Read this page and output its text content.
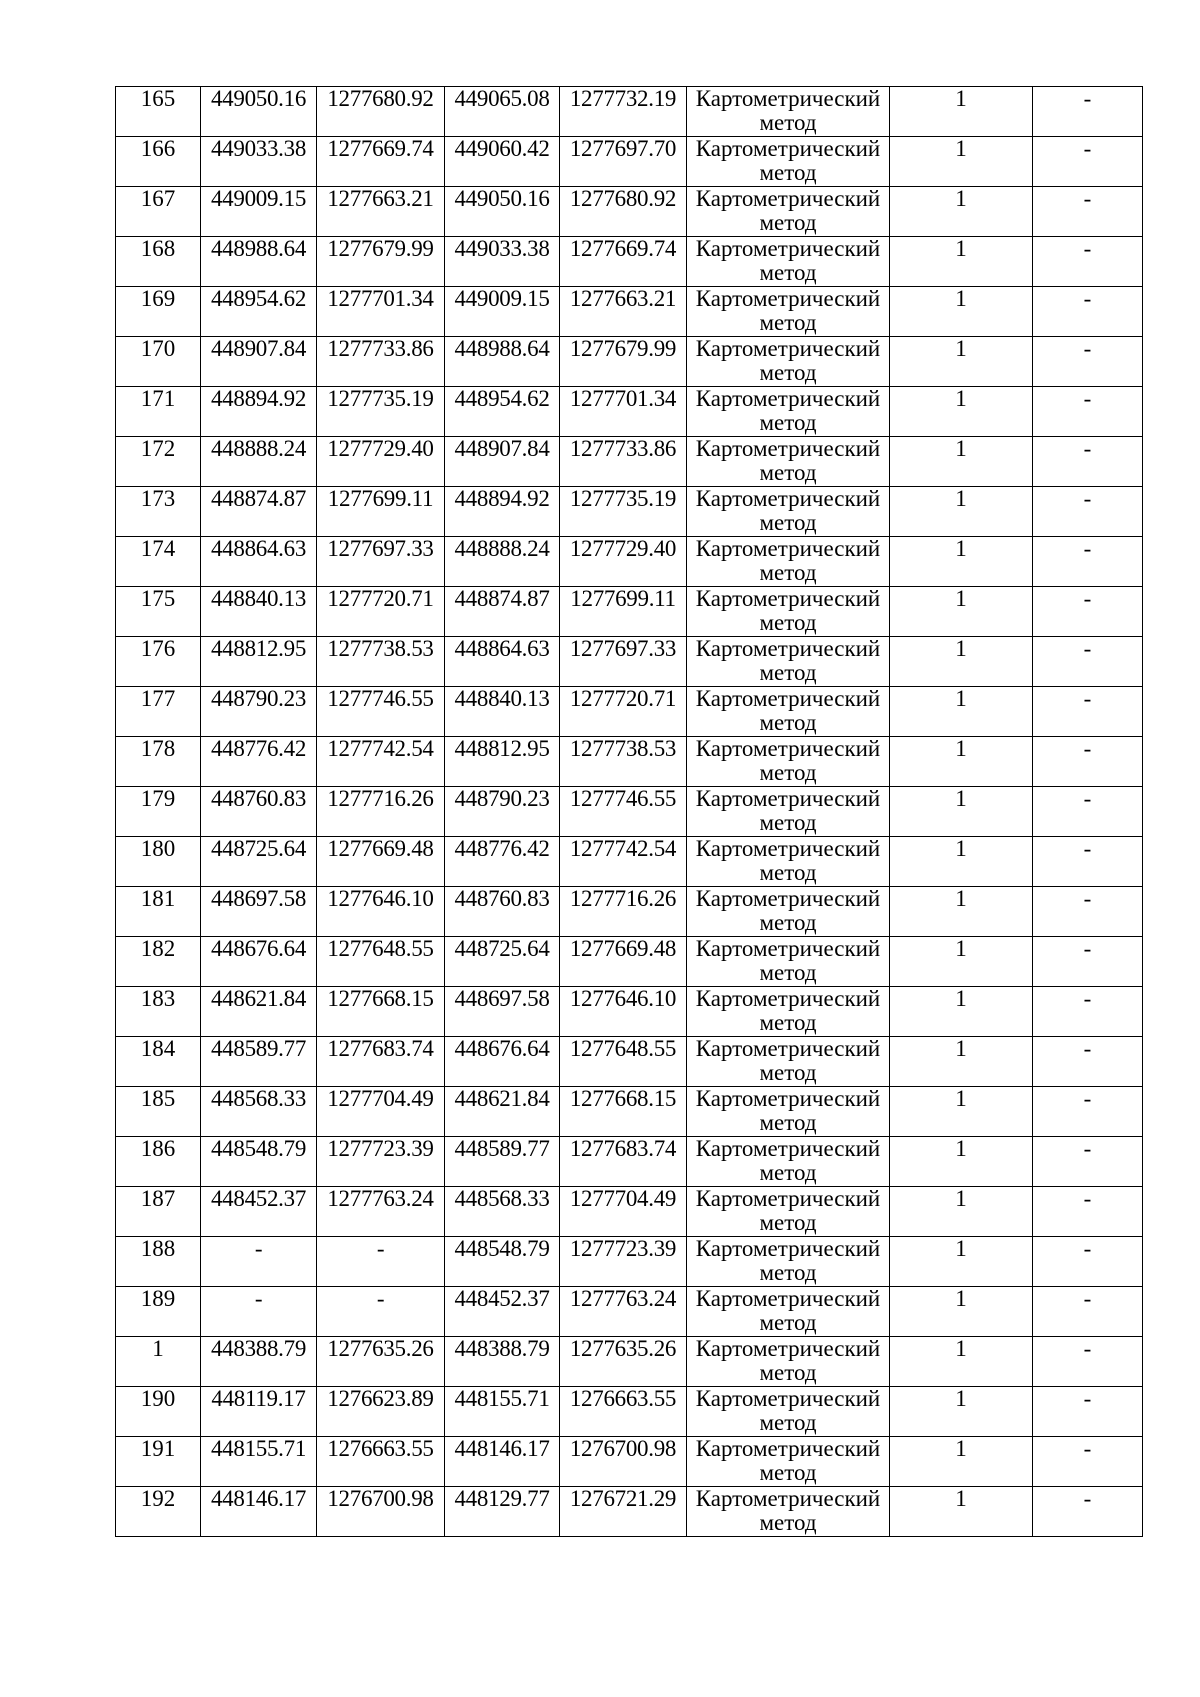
165	449050.16	1277680.92	449065.08	1277732.19	Картометрический
метод	1	-
166	449033.38	1277669.74	449060.42	1277697.70	Картометрический
метод	1	-
167	449009.15	1277663.21	449050.16	1277680.92	Картометрический
метод	1	-
168	448988.64	1277679.99	449033.38	1277669.74	Картометрический
метод	1	-
169	448954.62	1277701.34	449009.15	1277663.21	Картометрический
метод	1	-
170	448907.84	1277733.86	448988.64	1277679.99	Картометрический
метод	1	-
171	448894.92	1277735.19	448954.62	1277701.34	Картометрический
метод	1	-
172	448888.24	1277729.40	448907.84	1277733.86	Картометрический
метод	1	-
173	448874.87	1277699.11	448894.92	1277735.19	Картометрический
метод	1	-
174	448864.63	1277697.33	448888.24	1277729.40	Картометрический
метод	1	-
175	448840.13	1277720.71	448874.87	1277699.11	Картометрический
метод	1	-
176	448812.95	1277738.53	448864.63	1277697.33	Картометрический
метод	1	-
177	448790.23	1277746.55	448840.13	1277720.71	Картометрический
метод	1	-
178	448776.42	1277742.54	448812.95	1277738.53	Картометрический
метод	1	-
179	448760.83	1277716.26	448790.23	1277746.55	Картометрический
метод	1	-
180	448725.64	1277669.48	448776.42	1277742.54	Картометрический
метод	1	-
181	448697.58	1277646.10	448760.83	1277716.26	Картометрический
метод	1	-
182	448676.64	1277648.55	448725.64	1277669.48	Картометрический
метод	1	-
183	448621.84	1277668.15	448697.58	1277646.10	Картометрический
метод	1	-
184	448589.77	1277683.74	448676.64	1277648.55	Картометрический
метод	1	-
185	448568.33	1277704.49	448621.84	1277668.15	Картометрический
метод	1	-
186	448548.79	1277723.39	448589.77	1277683.74	Картометрический
метод	1	-
187	448452.37	1277763.24	448568.33	1277704.49	Картометрический
метод	1	-
188	-	-	448548.79	1277723.39	Картометрический
метод	1	-
189	-	-	448452.37	1277763.24	Картометрический
метод	1	-
1	448388.79	1277635.26	448388.79	1277635.26	Картометрический
метод	1	-
190	448119.17	1276623.89	448155.71	1276663.55	Картометрический
метод	1	-
191	448155.71	1276663.55	448146.17	1276700.98	Картометрический
метод	1	-
192	448146.17	1276700.98	448129.77	1276721.29	Картометрический
метод	1	-
